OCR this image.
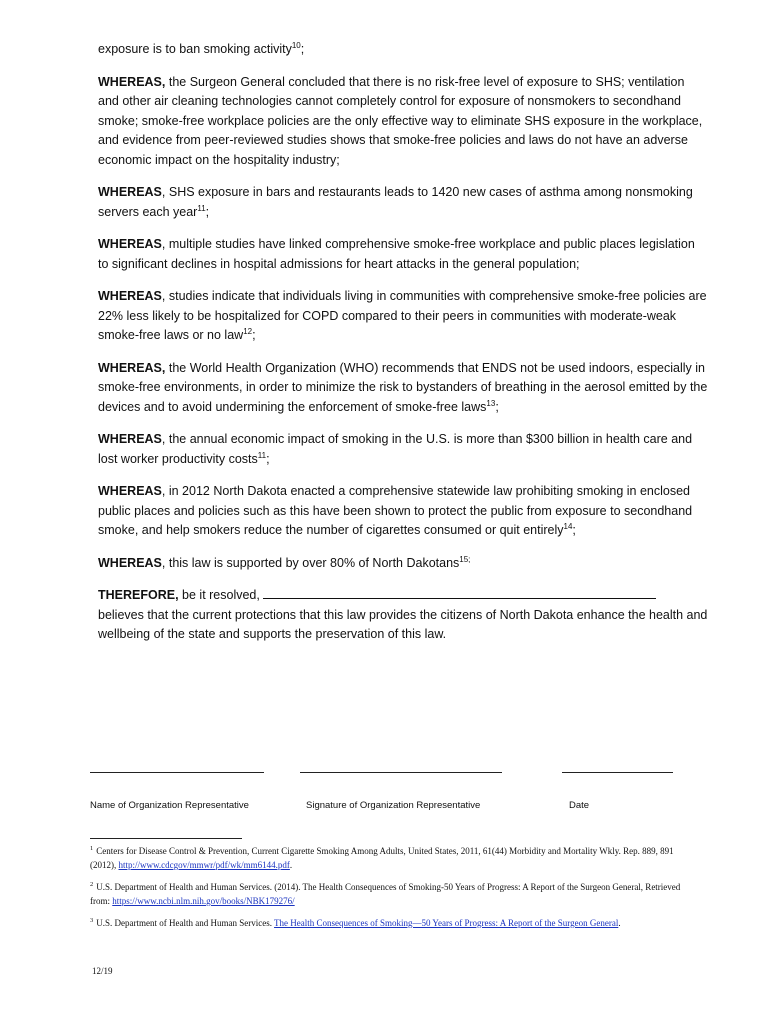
exposure is to ban smoking activity$^{10}$;

WHEREAS, the Surgeon General concluded that there is no risk-free level of exposure to SHS; ventilation and other air cleaning technologies cannot completely control for exposure of nonsmokers to secondhand smoke; smoke-free workplace policies are the only effective way to eliminate SHS exposure in the workplace, and evidence from peer-reviewed studies shows that smoke-free policies and laws do not have an adverse economic impact on the hospitality industry;

WHEREAS, SHS exposure in bars and restaurants leads to 1420 new cases of asthma among nonsmoking servers each year$^{11}$;

WHEREAS, multiple studies have linked comprehensive smoke-free workplace and public places legislation to significant declines in hospital admissions for heart attacks in the general population;

WHEREAS, studies indicate that individuals living in communities with comprehensive smoke-free policies are 22% less likely to be hospitalized for COPD compared to their peers in communities with moderate-weak smoke-free laws or no law$^{12}$;

WHEREAS, the World Health Organization (WHO) recommends that ENDS not be used indoors, especially in smoke-free environments, in order to minimize the risk to bystanders of breathing in the aerosol emitted by the devices and to avoid undermining the enforcement of smoke-free laws$^{13}$;

WHEREAS, the annual economic impact of smoking in the U.S. is more than $300 billion in health care and lost worker productivity costs$^{11}$;

WHEREAS, in 2012 North Dakota enacted a comprehensive statewide law prohibiting smoking in enclosed public places and policies such as this have been shown to protect the public from exposure to secondhand smoke, and help smokers reduce the number of cigarettes consumed or quit entirely$^{14}$;

WHEREAS, this law is supported by over 80% of North Dakotans$^{15;}$

THEREFORE, be it resolved,
believes that the current protections that this law provides the citizens of North Dakota enhance the health and wellbeing of the state and supports the preservation of this law.

Name of Organization Representative	Signature of Organization Representative	Date
$^1$ Centers for Disease Control & Prevention, Current Cigarette Smoking Among Adults, United States, 2011, 61(44) Morbidity and Mortality Wkly. Rep. 889, 891 (2012), http://www.cdcgov/mmwr/pdf/wk/mm6144.pdf.
$^2$ U.S. Department of Health and Human Services. (2014). The Health Consequences of Smoking-50 Years of Progress: A Report of the Surgeon General, Retrieved from: https://www.ncbi.nlm.nih.gov/books/NBK179276/
$^3$ U.S. Department of Health and Human Services. The Health Consequences of Smoking—50 Years of Progress: A Report of the Surgeon General.
12/19
